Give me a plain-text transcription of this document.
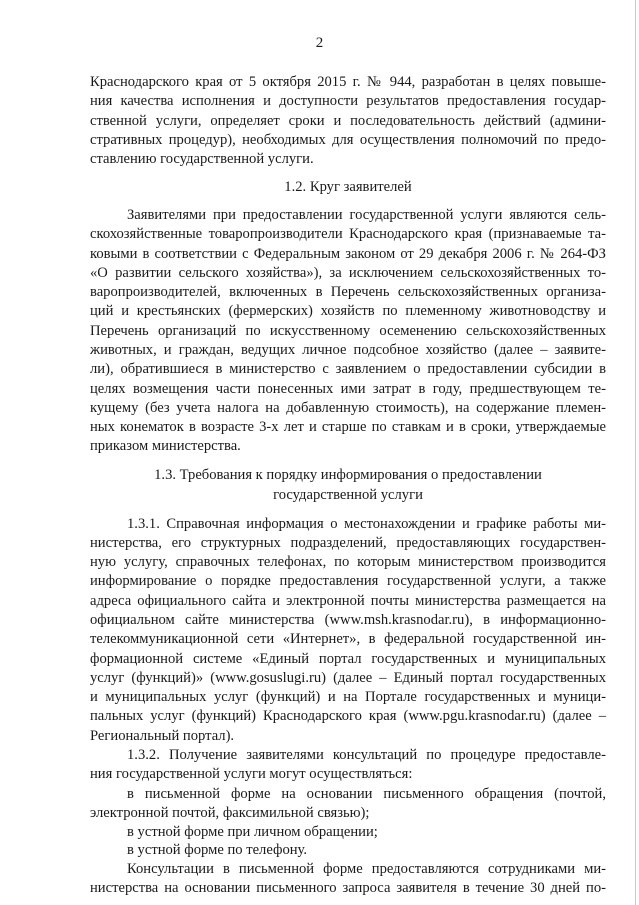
2
Краснодарского края от 5 октября 2015 г. № 944, разработан в целях повыше-
ния качества исполнения и доступности результатов предоставления государ-
ственной услуги, определяет сроки и последовательность действий (админи-
стративных процедур), необходимых для осуществления полномочий по предо-
ставлению государственной услуги.
1.2. Круг заявителей
Заявителями при предоставлении государственной услуги являются сель-
скохозяйственные товаропроизводители Краснодарского края (признаваемые та-
ковыми в соответствии с Федеральным законом от 29 декабря 2006 г. № 264-ФЗ
«О развитии сельского хозяйства»), за исключением сельскохозяйственных то-
варопроизводителей, включенных в Перечень сельскохозяйственных организа-
ций и крестьянских (фермерских) хозяйств по племенному животноводству и
Перечень организаций по искусственному осеменению сельскохозяйственных
животных, и граждан, ведущих личное подсобное хозяйство (далее – заявите-
ли), обратившиеся в министерство с заявлением о предоставлении субсидии в
целях возмещения части понесенных ими затрат в году, предшествующем те-
кущему (без учета налога на добавленную стоимость), на содержание племен-
ных конематок в возрасте 3-х лет и старше по ставкам и в сроки, утверждаемые
приказом министерства.
1.3. Требования к порядку информирования о предоставлении
государственной услуги
1.3.1. Справочная информация о местонахождении и графике работы ми-
нистерства, его структурных подразделений, предоставляющих государствен-
ную услугу, справочных телефонах, по которым министерством производится
информирование о порядке предоставления государственной услуги, а также
адреса официального сайта и электронной почты министерства размещается на
официальном сайте министерства (www.msh.krasnodar.ru), в информационно-
телекоммуникационной сети «Интернет», в федеральной государственной ин-
формационной системе «Единый портал государственных и муниципальных
услуг (функций)» (www.gosuslugi.ru) (далее – Единый портал государственных
и муниципальных услуг (функций) и на Портале государственных и муници-
пальных услуг (функций) Краснодарского края (www.pgu.krasnodar.ru) (далее –
Региональный портал).
1.3.2. Получение заявителями консультаций по процедуре предоставле-
ния государственной услуги могут осуществляться:
в письменной форме на основании письменного обращения (почтой,
электронной почтой, факсимильной связью);
в устной форме при личном обращении;
в устной форме по телефону.
Консультации в письменной форме предоставляются сотрудниками ми-
нистерства на основании письменного запроса заявителя в течение 30 дней по-
